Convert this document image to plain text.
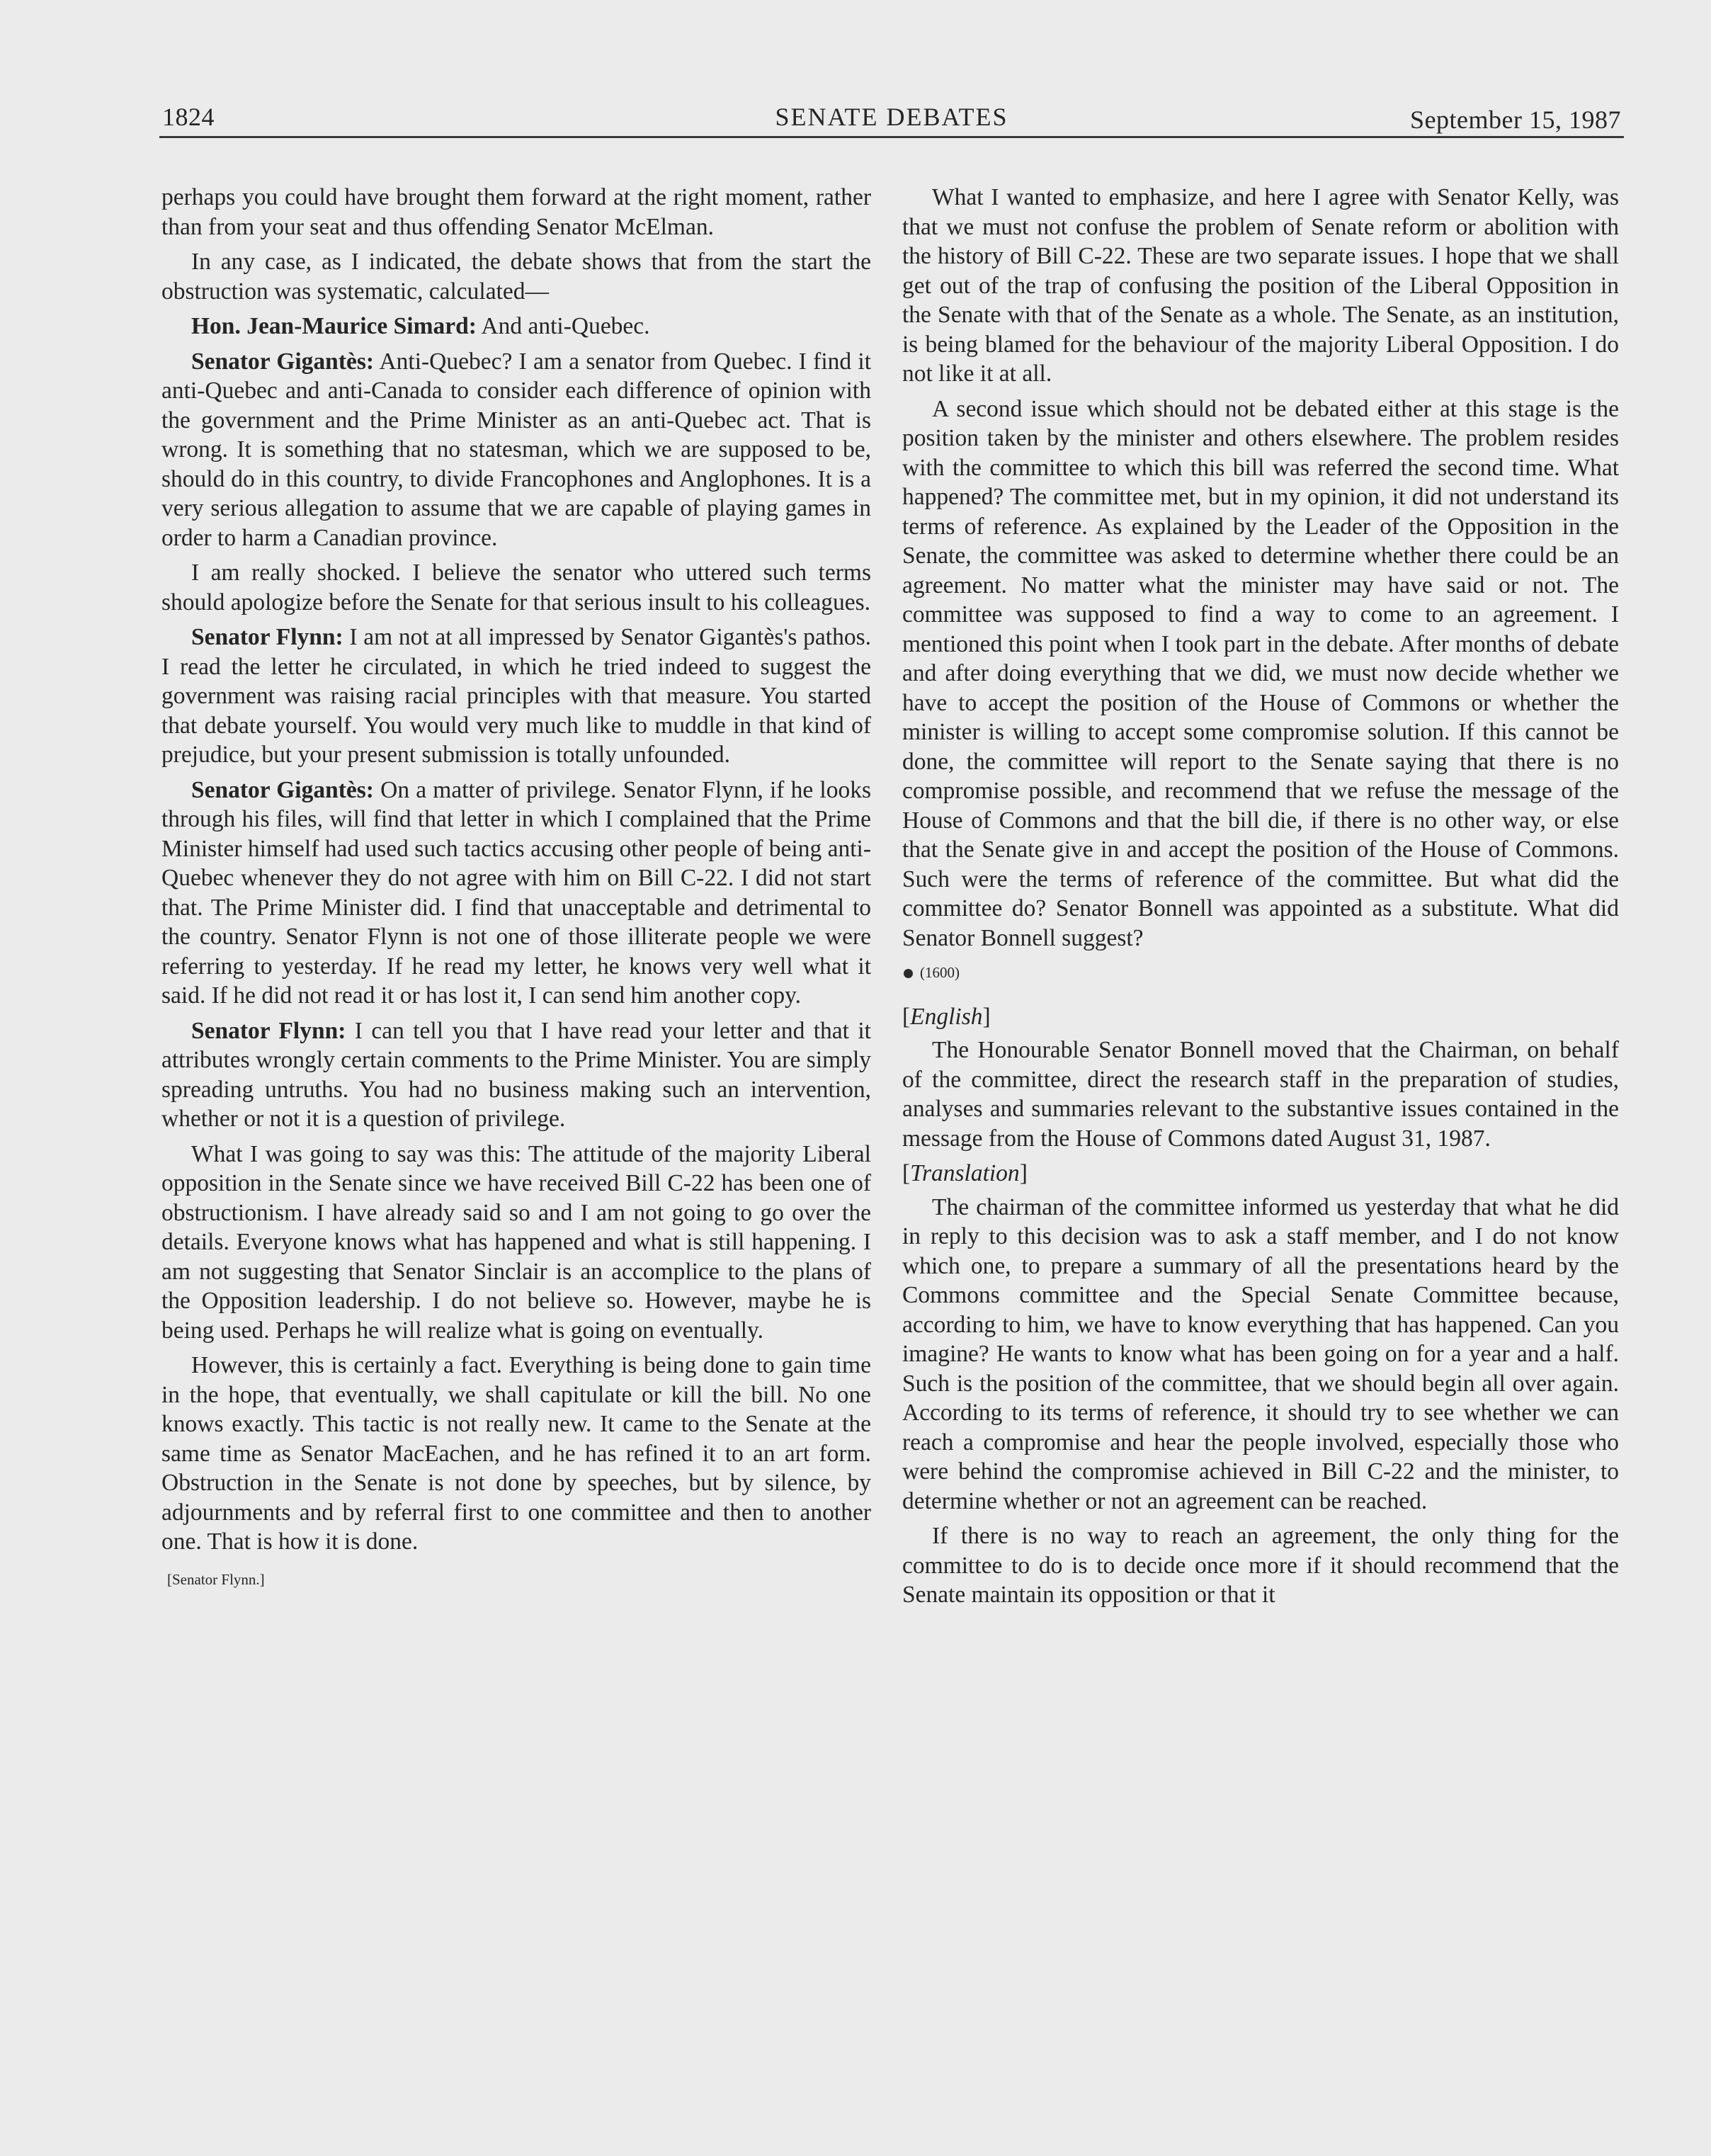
1824	SENATE DEBATES	September 15, 1987

perhaps you could have brought them forward at the right moment, rather than from your seat and thus offending Senator McElman.

In any case, as I indicated, the debate shows that from the start the obstruction was systematic, calculated—

Hon. Jean-Maurice Simard: And anti-Quebec.

Senator Gigantès: Anti-Quebec? I am a senator from Quebec. I find it anti-Quebec and anti-Canada to consider each difference of opinion with the government and the Prime Minister as an anti-Quebec act. That is wrong. It is something that no statesman, which we are supposed to be, should do in this country, to divide Francophones and Anglophones. It is a very serious allegation to assume that we are capable of playing games in order to harm a Canadian province.

I am really shocked. I believe the senator who uttered such terms should apologize before the Senate for that serious insult to his colleagues.

Senator Flynn: I am not at all impressed by Senator Gigantès's pathos. I read the letter he circulated, in which he tried indeed to suggest the government was raising racial principles with that measure. You started that debate yourself. You would very much like to muddle in that kind of prejudice, but your present submission is totally unfounded.

Senator Gigantès: On a matter of privilege. Senator Flynn, if he looks through his files, will find that letter in which I complained that the Prime Minister himself had used such tactics accusing other people of being anti-Quebec whenever they do not agree with him on Bill C-22. I did not start that. The Prime Minister did. I find that unacceptable and detrimental to the country. Senator Flynn is not one of those illiterate people we were referring to yesterday. If he read my letter, he knows very well what it said. If he did not read it or has lost it, I can send him another copy.

Senator Flynn: I can tell you that I have read your letter and that it attributes wrongly certain comments to the Prime Minister. You are simply spreading untruths. You had no business making such an intervention, whether or not it is a question of privilege.

What I was going to say was this: The attitude of the majority Liberal opposition in the Senate since we have received Bill C-22 has been one of obstructionism. I have already said so and I am not going to go over the details. Everyone knows what has happened and what is still happening. I am not suggesting that Senator Sinclair is an accomplice to the plans of the Opposition leadership. I do not believe so. However, maybe he is being used. Perhaps he will realize what is going on eventually.

However, this is certainly a fact. Everything is being done to gain time in the hope, that eventually, we shall capitulate or kill the bill. No one knows exactly. This tactic is not really new. It came to the Senate at the same time as Senator MacEachen, and he has refined it to an art form. Obstruction in the Senate is not done by speeches, but by silence, by adjournments and by referral first to one committee and then to another one. That is how it is done.

[Senator Flynn.]

What I wanted to emphasize, and here I agree with Senator Kelly, was that we must not confuse the problem of Senate reform or abolition with the history of Bill C-22. These are two separate issues. I hope that we shall get out of the trap of confusing the position of the Liberal Opposition in the Senate with that of the Senate as a whole. The Senate, as an institution, is being blamed for the behaviour of the majority Liberal Opposition. I do not like it at all.

A second issue which should not be debated either at this stage is the position taken by the minister and others elsewhere. The problem resides with the committee to which this bill was referred the second time. What happened? The committee met, but in my opinion, it did not understand its terms of reference. As explained by the Leader of the Opposition in the Senate, the committee was asked to determine whether there could be an agreement. No matter what the minister may have said or not. The committee was supposed to find a way to come to an agreement. I mentioned this point when I took part in the debate. After months of debate and after doing everything that we did, we must now decide whether we have to accept the position of the House of Commons or whether the minister is willing to accept some compromise solution. If this cannot be done, the committee will report to the Senate saying that there is no compromise possible, and recommend that we refuse the message of the House of Commons and that the bill die, if there is no other way, or else that the Senate give in and accept the position of the House of Commons. Such were the terms of reference of the committee. But what did the committee do? Senator Bonnell was appointed as a substitute. What did Senator Bonnell suggest?

(1600)
[English]

The Honourable Senator Bonnell moved that the Chairman, on behalf of the committee, direct the research staff in the preparation of studies, analyses and summaries relevant to the substantive issues contained in the message from the House of Commons dated August 31, 1987.

[Translation]

The chairman of the committee informed us yesterday that what he did in reply to this decision was to ask a staff member, and I do not know which one, to prepare a summary of all the presentations heard by the Commons committee and the Special Senate Committee because, according to him, we have to know everything that has happened. Can you imagine? He wants to know what has been going on for a year and a half. Such is the position of the committee, that we should begin all over again. According to its terms of reference, it should try to see whether we can reach a compromise and hear the people involved, especially those who were behind the compromise achieved in Bill C-22 and the minister, to determine whether or not an agreement can be reached.

If there is no way to reach an agreement, the only thing for the committee to do is to decide once more if it should recommend that the Senate maintain its opposition or that it
